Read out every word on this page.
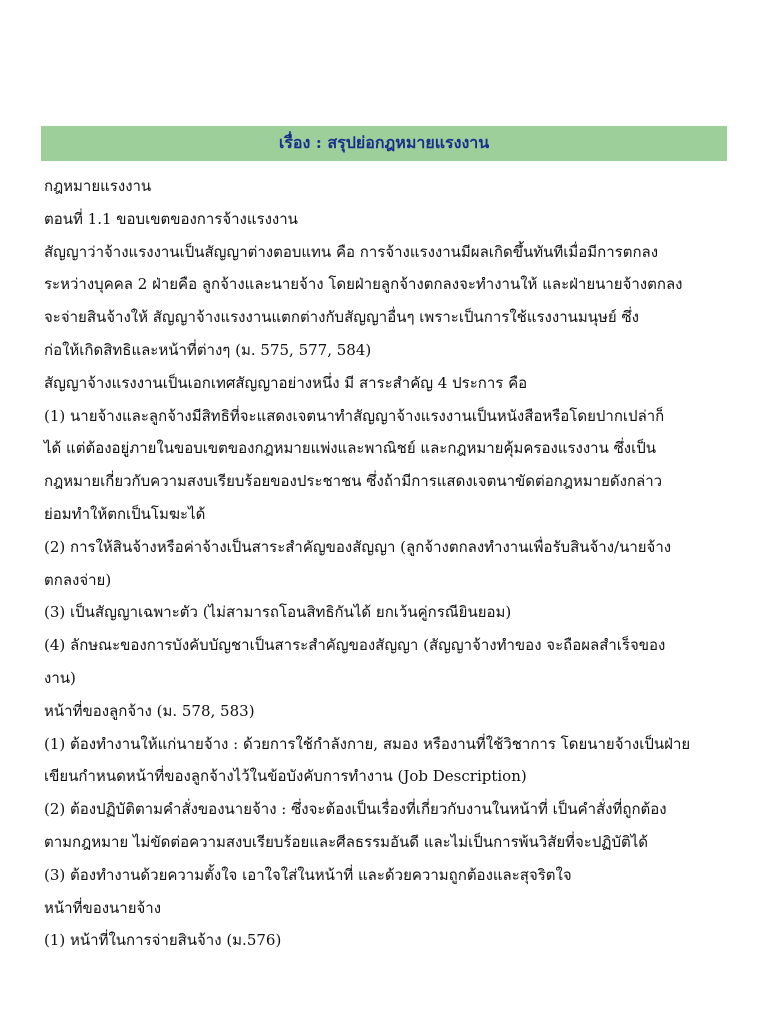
เรื่อง : สรุปย่อกฎหมายแรงงาน
กฎหมายแรงงาน
ตอนที่ 1.1 ขอบเขตของการจ้างแรงงาน
สัญญาว่าจ้างแรงงานเป็นสัญญาต่างตอบแทน คือ การจ้างแรงงานมีผลเกิดขึ้นทันทีเมื่อมีการตกลง
ระหว่างบุคคล 2 ฝ่ายคือ ลูกจ้างและนายจ้าง โดยฝ่ายลูกจ้างตกลงจะทำงานให้ และฝ่ายนายจ้างตกลง
จะจ่ายสินจ้างให้ สัญญาจ้างแรงงานแตกต่างกับสัญญาอื่นๆ เพราะเป็นการใช้แรงงานมนุษย์ ซึ่ง
ก่อให้เกิดสิทธิและหน้าที่ต่างๆ (ม. 575, 577, 584)
สัญญาจ้างแรงงานเป็นเอกเทศสัญญาอย่างหนึ่ง มี สาระสำคัญ 4 ประการ คือ
(1) นายจ้างและลูกจ้างมีสิทธิที่จะแสดงเจตนาทำสัญญาจ้างแรงงานเป็นหนังสือหรือโดยปากเปล่าก็
ได้ แต่ต้องอยู่ภายในขอบเขตของกฎหมายแพ่งและพาณิชย์ และกฎหมายคุ้มครองแรงงาน ซึ่งเป็น
กฎหมายเกี่ยวกับความสงบเรียบร้อยของประชาชน ซึ่งถ้ามีการแสดงเจตนาขัดต่อกฎหมายดังกล่าว
ย่อมทำให้ตกเป็นโมฆะได้
(2) การให้สินจ้างหรือค่าจ้างเป็นสาระสำคัญของสัญญา (ลูกจ้างตกลงทำงานเพื่อรับสินจ้าง/นายจ้าง
ตกลงจ่าย)
(3) เป็นสัญญาเฉพาะตัว (ไม่สามารถโอนสิทธิกันได้ ยกเว้นคู่กรณียินยอม)
(4) ลักษณะของการบังคับบัญชาเป็นสาระสำคัญของสัญญา (สัญญาจ้างทำของ จะถือผลสำเร็จของ
งาน)
หน้าที่ของลูกจ้าง (ม. 578, 583)
(1) ต้องทำงานให้แก่นายจ้าง : ด้วยการใช้กำลังกาย, สมอง หรืองานที่ใช้วิชาการ โดยนายจ้างเป็นฝ่าย
เขียนกำหนดหน้าที่ของลูกจ้างไว้ในข้อบังคับการทำงาน (Job Description)
(2) ต้องปฏิบัติตามคำสั่งของนายจ้าง : ซึ่งจะต้องเป็นเรื่องที่เกี่ยวกับงานในหน้าที่ เป็นคำสั่งที่ถูกต้อง
ตามกฎหมาย ไม่ขัดต่อความสงบเรียบร้อยและศีลธรรมอันดี และไม่เป็นการพ้นวิสัยที่จะปฏิบัติได้
(3) ต้องทำงานด้วยความตั้งใจ เอาใจใส่ในหน้าที่ และด้วยความถูกต้องและสุจริตใจ
หน้าที่ของนายจ้าง
(1) หน้าที่ในการจ่ายสินจ้าง (ม.576)
